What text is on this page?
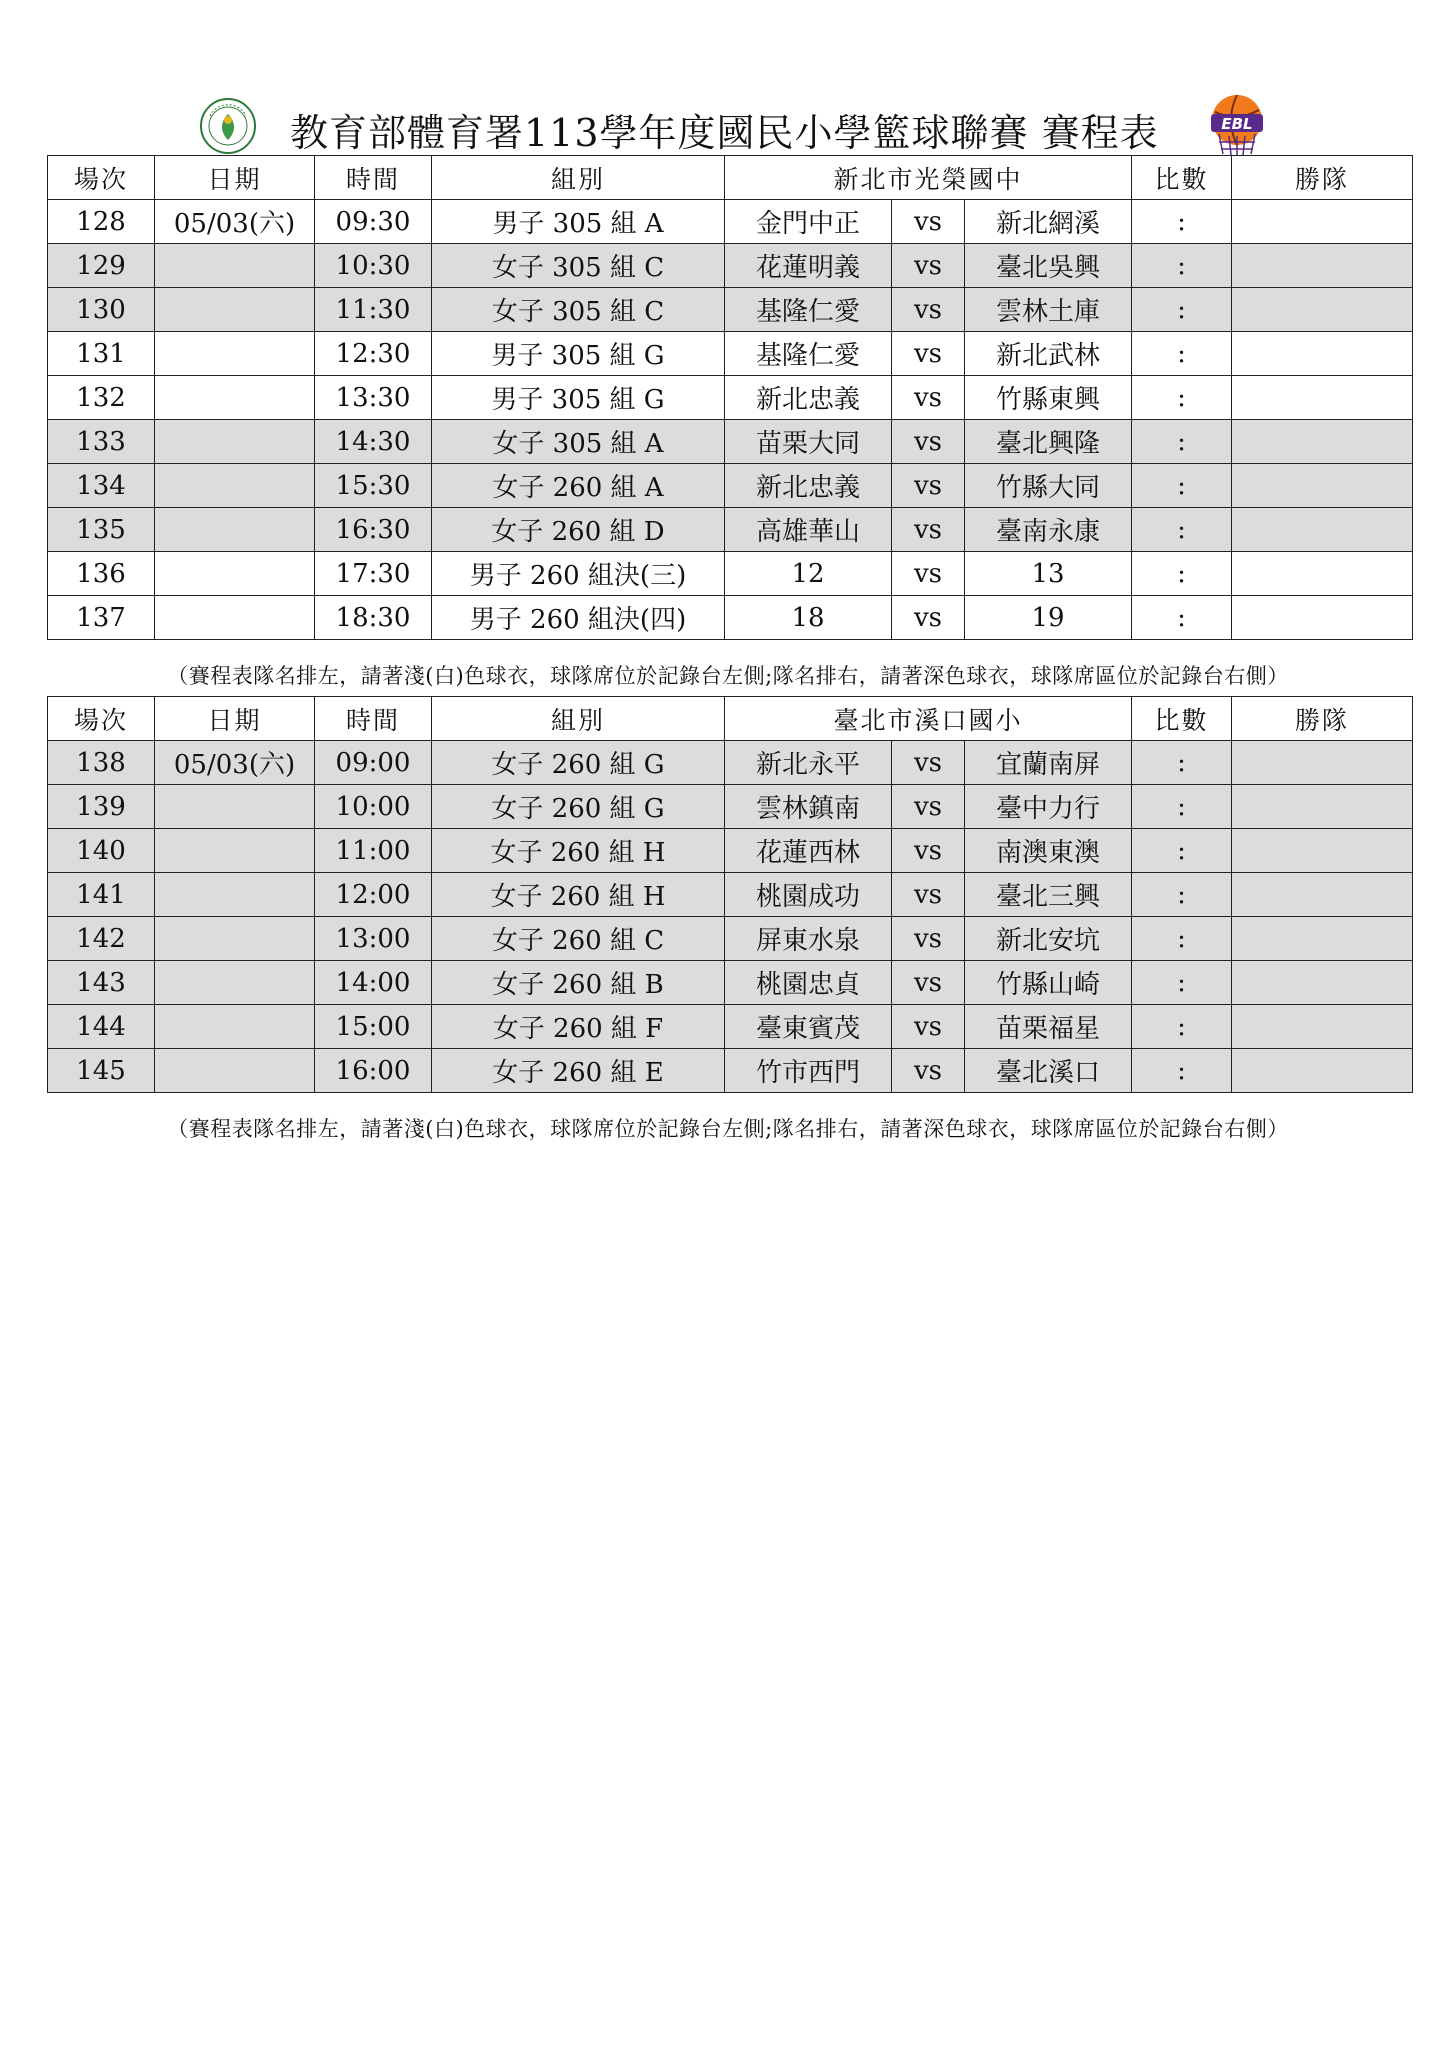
教育部體育署113學年度國民小學籃球聯賽 賽程表	EBL
場次	日期	時間	組別	新北市光榮國中			比數	勝隊
128	05/03(六)	09:30	男子 305 組 A	金門中正	vs	新北網溪	:	
129		10:30	女子 305 組 C	花蓮明義	vs	臺北吳興	:	
130		11:30	女子 305 組 C	基隆仁愛	vs	雲林土庫	:	
131		12:30	男子 305 組 G	基隆仁愛	vs	新北武林	:	
132		13:30	男子 305 組 G	新北忠義	vs	竹縣東興	:	
133		14:30	女子 305 組 A	苗栗大同	vs	臺北興隆	:	
134		15:30	女子 260 組 A	新北忠義	vs	竹縣大同	:	
135		16:30	女子 260 組 D	高雄華山	vs	臺南永康	:	
136		17:30	男子 260 組決(三)	12	vs	13	:	
137		18:30	男子 260 組決(四)	18	vs	19	:	
（賽程表隊名排左，請著淺(白)色球衣，球隊席位於記錄台左側;隊名排右，請著深色球衣，球隊席區位於記錄台右側）
場次	日期	時間	組別	臺北市溪口國小			比數	勝隊
138	05/03(六)	09:00	女子 260 組 G	新北永平	vs	宜蘭南屏	:	
139		10:00	女子 260 組 G	雲林鎮南	vs	臺中力行	:	
140		11:00	女子 260 組 H	花蓮西林	vs	南澳東澳	:	
141		12:00	女子 260 組 H	桃園成功	vs	臺北三興	:	
142		13:00	女子 260 組 C	屏東水泉	vs	新北安坑	:	
143		14:00	女子 260 組 B	桃園忠貞	vs	竹縣山崎	:	
144		15:00	女子 260 組 F	臺東賓茂	vs	苗栗福星	:	
145		16:00	女子 260 組 E	竹市西門	vs	臺北溪口	:	
（賽程表隊名排左，請著淺(白)色球衣，球隊席位於記錄台左側;隊名排右，請著深色球衣，球隊席區位於記錄台右側）
